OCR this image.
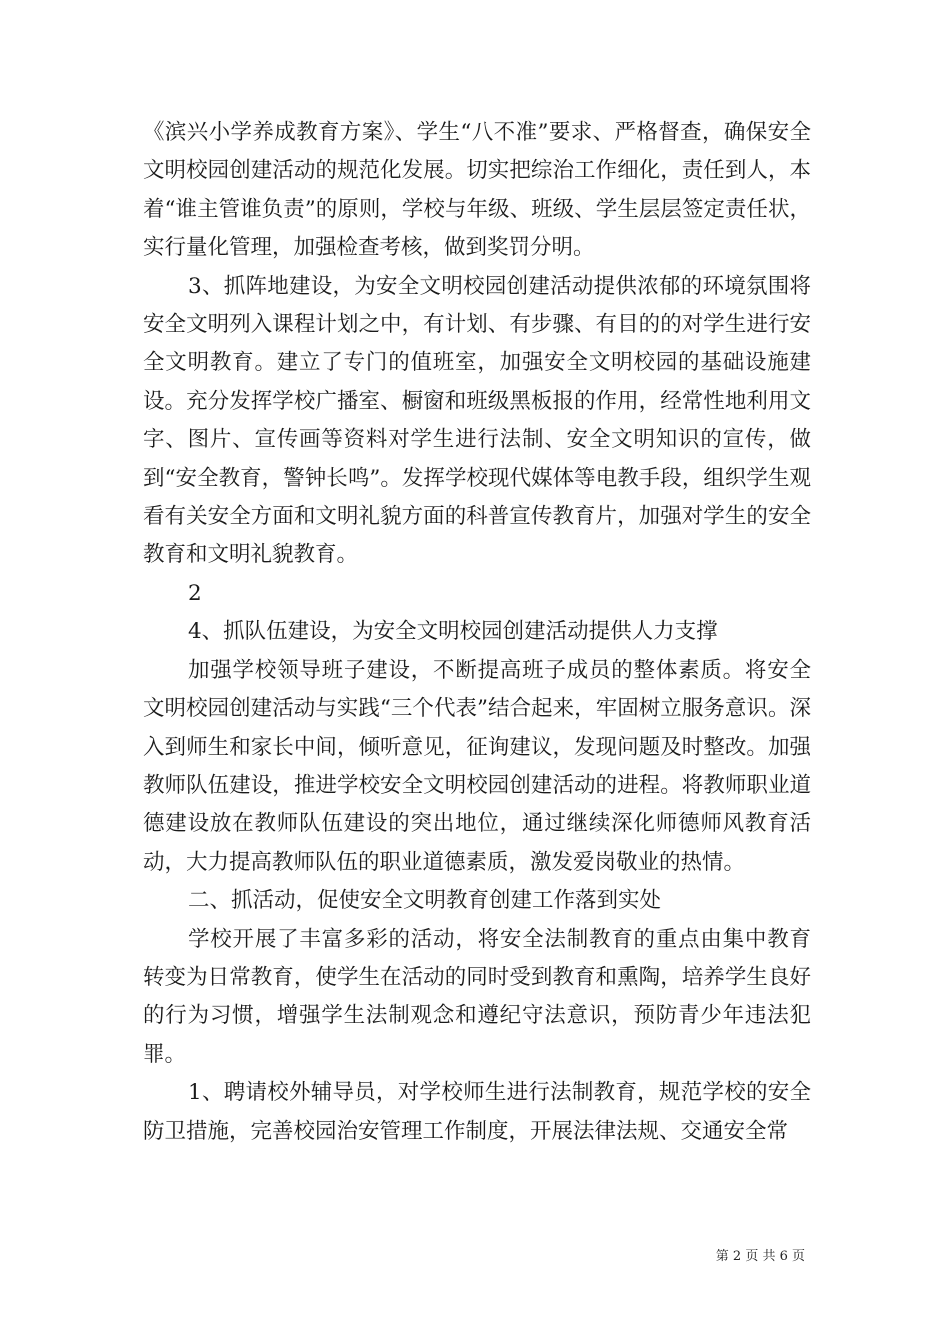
《滨兴小学养成教育方案》、学生“八不准”要求、严格督查，确保安全文明校园创建活动的规范化发展。切实把综治工作细化，责任到人，本着“谁主管谁负责”的原则，学校与年级、班级、学生层层签定责任状，实行量化管理，加强检查考核，做到奖罚分明。

3、抓阵地建设，为安全文明校园创建活动提供浓郁的环境氛围将安全文明列入课程计划之中，有计划、有步骤、有目的的对学生进行安全文明教育。建立了专门的值班室，加强安全文明校园的基础设施建设。充分发挥学校广播室、橱窗和班级黑板报的作用，经常性地利用文字、图片、宣传画等资料对学生进行法制、安全文明知识的宣传，做到“安全教育，警钟长鸣”。发挥学校现代媒体等电教手段，组织学生观看有关安全方面和文明礼貌方面的科普宣传教育片，加强对学生的安全教育和文明礼貌教育。

2

4、抓队伍建设，为安全文明校园创建活动提供人力支撑

加强学校领导班子建设，不断提高班子成员的整体素质。将安全文明校园创建活动与实践“三个代表”结合起来，牢固树立服务意识。深入到师生和家长中间，倾听意见，征询建议，发现问题及时整改。加强教师队伍建设，推进学校安全文明校园创建活动的进程。将教师职业道德建设放在教师队伍建设的突出地位，通过继续深化师德师风教育活动，大力提高教师队伍的职业道德素质，激发爱岗敬业的热情。

二、抓活动，促使安全文明教育创建工作落到实处

学校开展了丰富多彩的活动，将安全法制教育的重点由集中教育转变为日常教育，使学生在活动的同时受到教育和熏陶，培养学生良好的行为习惯，增强学生法制观念和遵纪守法意识，预防青少年违法犯罪。

1、聘请校外辅导员，对学校师生进行法制教育，规范学校的安全防卫措施，完善校园治安管理工作制度，开展法律法规、交通安全常

第 2 页 共 6 页
